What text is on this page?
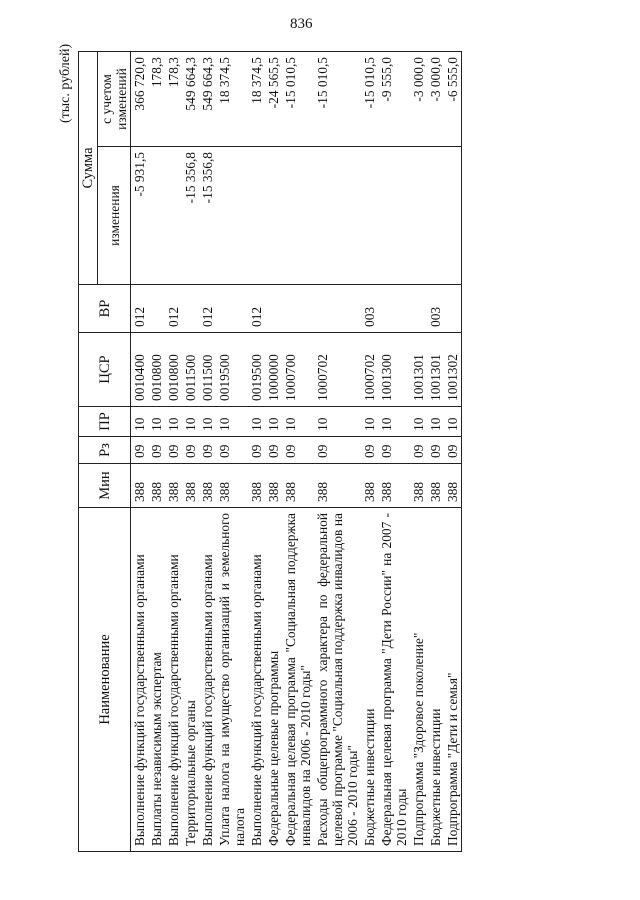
836
(тыс. рублей)
Наименование	Мин	Рз	ПР	ЦСР	ВР	Сумма	
						изменения	с учетом изменений
Выполнение функций государственными органами	388	09	10	0010400	012	-5 931,5	366 720,0
Выплаты независимым экспертам	388	09	10	0010800			178,3
Выполнение функций государственными органами	388	09	10	0010800	012		178,3
Территориальные органы	388	09	10	0011500		-15 356,8	549 664,3
Выполнение функций государственными органами	388	09	10	0011500	012	-15 356,8	549 664,3
Уплата налога на имущество организаций и земельного налога	388	09	10	0019500			18 374,5
Выполнение функций государственными органами	388	09	10	0019500	012		18 374,5
Федеральные целевые программы	388	09	10	1000000			-24 565,5
Федеральная целевая программа "Социальная поддержка инвалидов на 2006 - 2010 годы"	388	09	10	1000700			-15 010,5
Расходы общепрограммного характера по федеральной целевой программе "Социальная поддержка инвалидов на 2006 - 2010 годы"	388	09	10	1000702			-15 010,5
Бюджетные инвестиции	388	09	10	1000702	003		-15 010,5
Федеральная целевая программа "Дети России" на 2007 - 2010 годы	388	09	10	1001300			-9 555,0
Подпрограмма "Здоровое поколение"	388	09	10	1001301			-3 000,0
Бюджетные инвестиции	388	09	10	1001301	003		-3 000,0
Подпрограмма "Дети и семья"	388	09	10	1001302			-6 555,0
